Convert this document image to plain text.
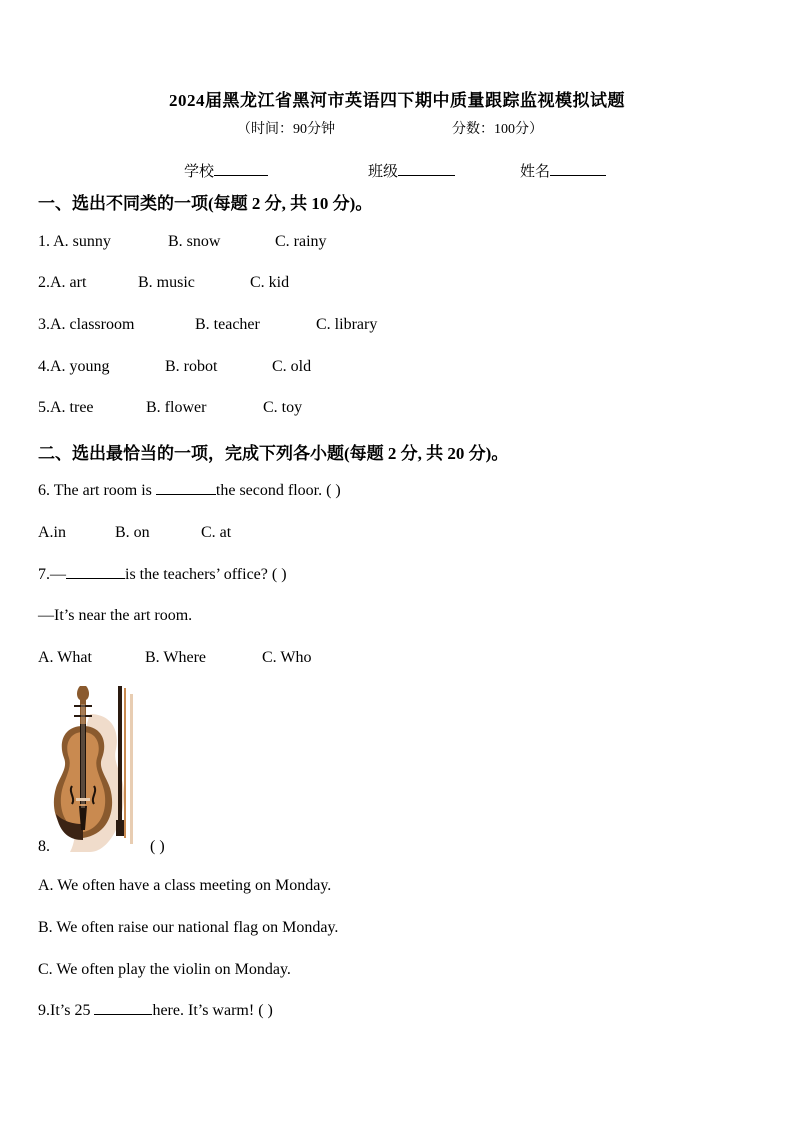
2024届黑龙江省黑河市英语四下期中质量跟踪监视模拟试题
（时间：90分钟	分数：100分）
学校	班级	姓名
一、选出不同类的一项(每题 2 分, 共 10 分)。
1. A. sunny	B. snow	C. rainy
2.A. art	B. music	C. kid
3.A. classroom	B. teacher	C. library
4.A. young	B. robot	C. old
5.A. tree	B. flower	C. toy
二、选出最恰当的一项，完成下列各小题(每题 2 分, 共 20 分)。
6. The art room is	the second floor. ( )
A.in	B. on	C. at
7.—	is the teachers’ office? ( )
—It’s near the art room.
A. What	B. Where	C. Who
8.	( )
A. We often have a class meeting on Monday.
B. We often raise our national flag on Monday.
C. We often play the violin on Monday.
9.It’s 25	here. It’s warm! ( )
